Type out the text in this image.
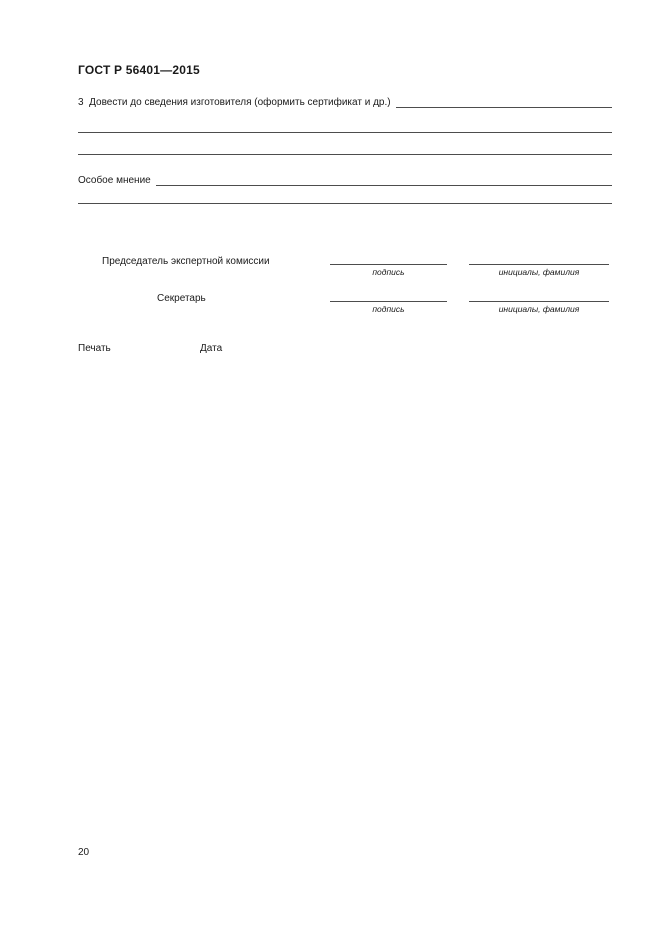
ГОСТ Р 56401—2015
3  Довести до сведения изготовителя (оформить сертификат и др.)
Особое мнение
Председатель экспертной комиссии
подпись	инициалы, фамилия
Секретарь
подпись	инициалы, фамилия
Печать	Дата
20
